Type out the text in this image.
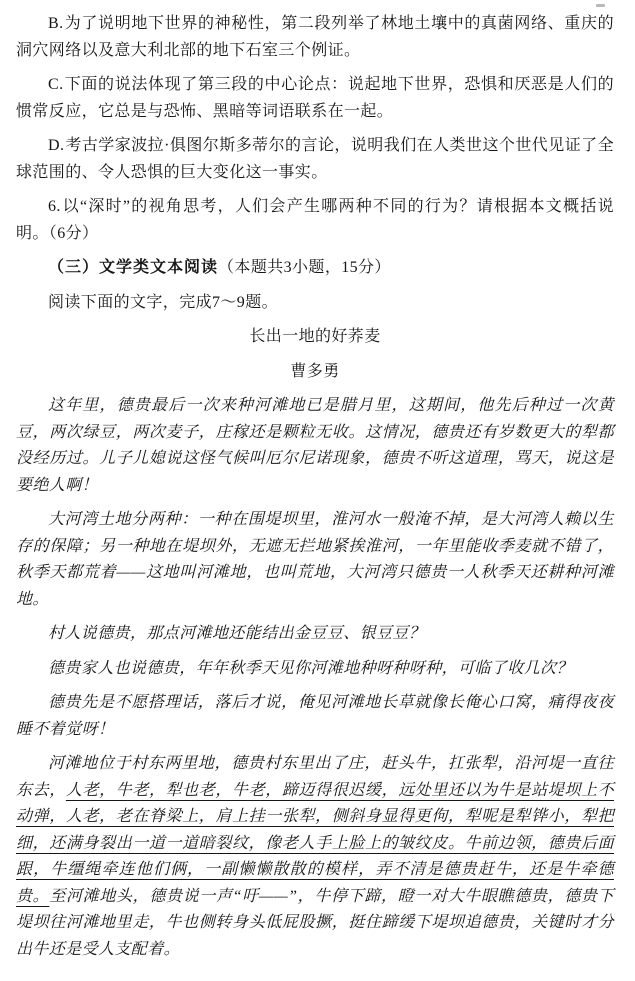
B.为了说明地下世界的神秘性，第二段列举了林地土壤中的真菌网络、重庆的洞穴网络以及意大利北部的地下石室三个例证。

C.下面的说法体现了第三段的中心论点：说起地下世界，恐惧和厌恶是人们的惯常反应，它总是与恐怖、黑暗等词语联系在一起。

D.考古学家波拉·俱图尔斯多蒂尔的言论，说明我们在人类世这个世代见证了全球范围的、令人恐惧的巨大变化这一事实。

6.以“深时”的视角思考，人们会产生哪两种不同的行为？请根据本文概括说明。（6分）

（三）文学类文本阅读（本题共3小题，15分）

阅读下面的文字，完成7～9题。

长出一地的好荞麦

曹多勇

这年里，德贵最后一次来种河滩地已是腊月里，这期间，他先后种过一次黄豆，两次绿豆，两次麦子，庄稼还是颗粒无收。这情况，德贵还有岁数更大的犁都没经历过。儿子儿媳说这怪气候叫厄尔尼诺现象，德贵不听这道理，骂天，说这是要绝人啊！

大河湾土地分两种：一种在围堤坝里，淮河水一般淹不掉，是大河湾人赖以生存的保障；另一种地在堤坝外，无遮无拦地紧挨淮河，一年里能收季麦就不错了，秋季天都荒着——这地叫河滩地，也叫荒地，大河湾只德贵一人秋季天还耕种河滩地。

村人说德贵，那点河滩地还能结出金豆豆、银豆豆？

德贵家人也说德贵，年年秋季天见你河滩地种呀种呀种，可临了收几次？

德贵先是不愿搭理话，落后才说，俺见河滩地长草就像长俺心口窝，痛得夜夜睡不着觉呀！

河滩地位于村东两里地，德贵村东里出了庄，赶头牛，扛张犁，沿河堤一直往东去，人老，牛老，犁也老，牛老，蹄迈得很迟缓，远处里还以为牛是站堤坝上不动弹，人老，老在脊梁上，肩上挂一张犁，侧斜身显得更佝，犁呢是犁铧小，犁把细，还满身裂出一道一道暗裂纹，像老人手上脸上的皱纹皮。牛前边领，德贵后面跟，牛缰绳牵连他们俩，一副懒懒散散的模样，弄不清是德贵赶牛，还是牛牵德贵。至河滩地头，德贵说一声“吁——”，牛停下蹄，瞪一对大牛眼瞧德贵，德贵下堤坝往河滩地里走，牛也侧转身头低屁股撅，挺住蹄缓下堤坝追德贵，关键时才分出牛还是受人支配着。
